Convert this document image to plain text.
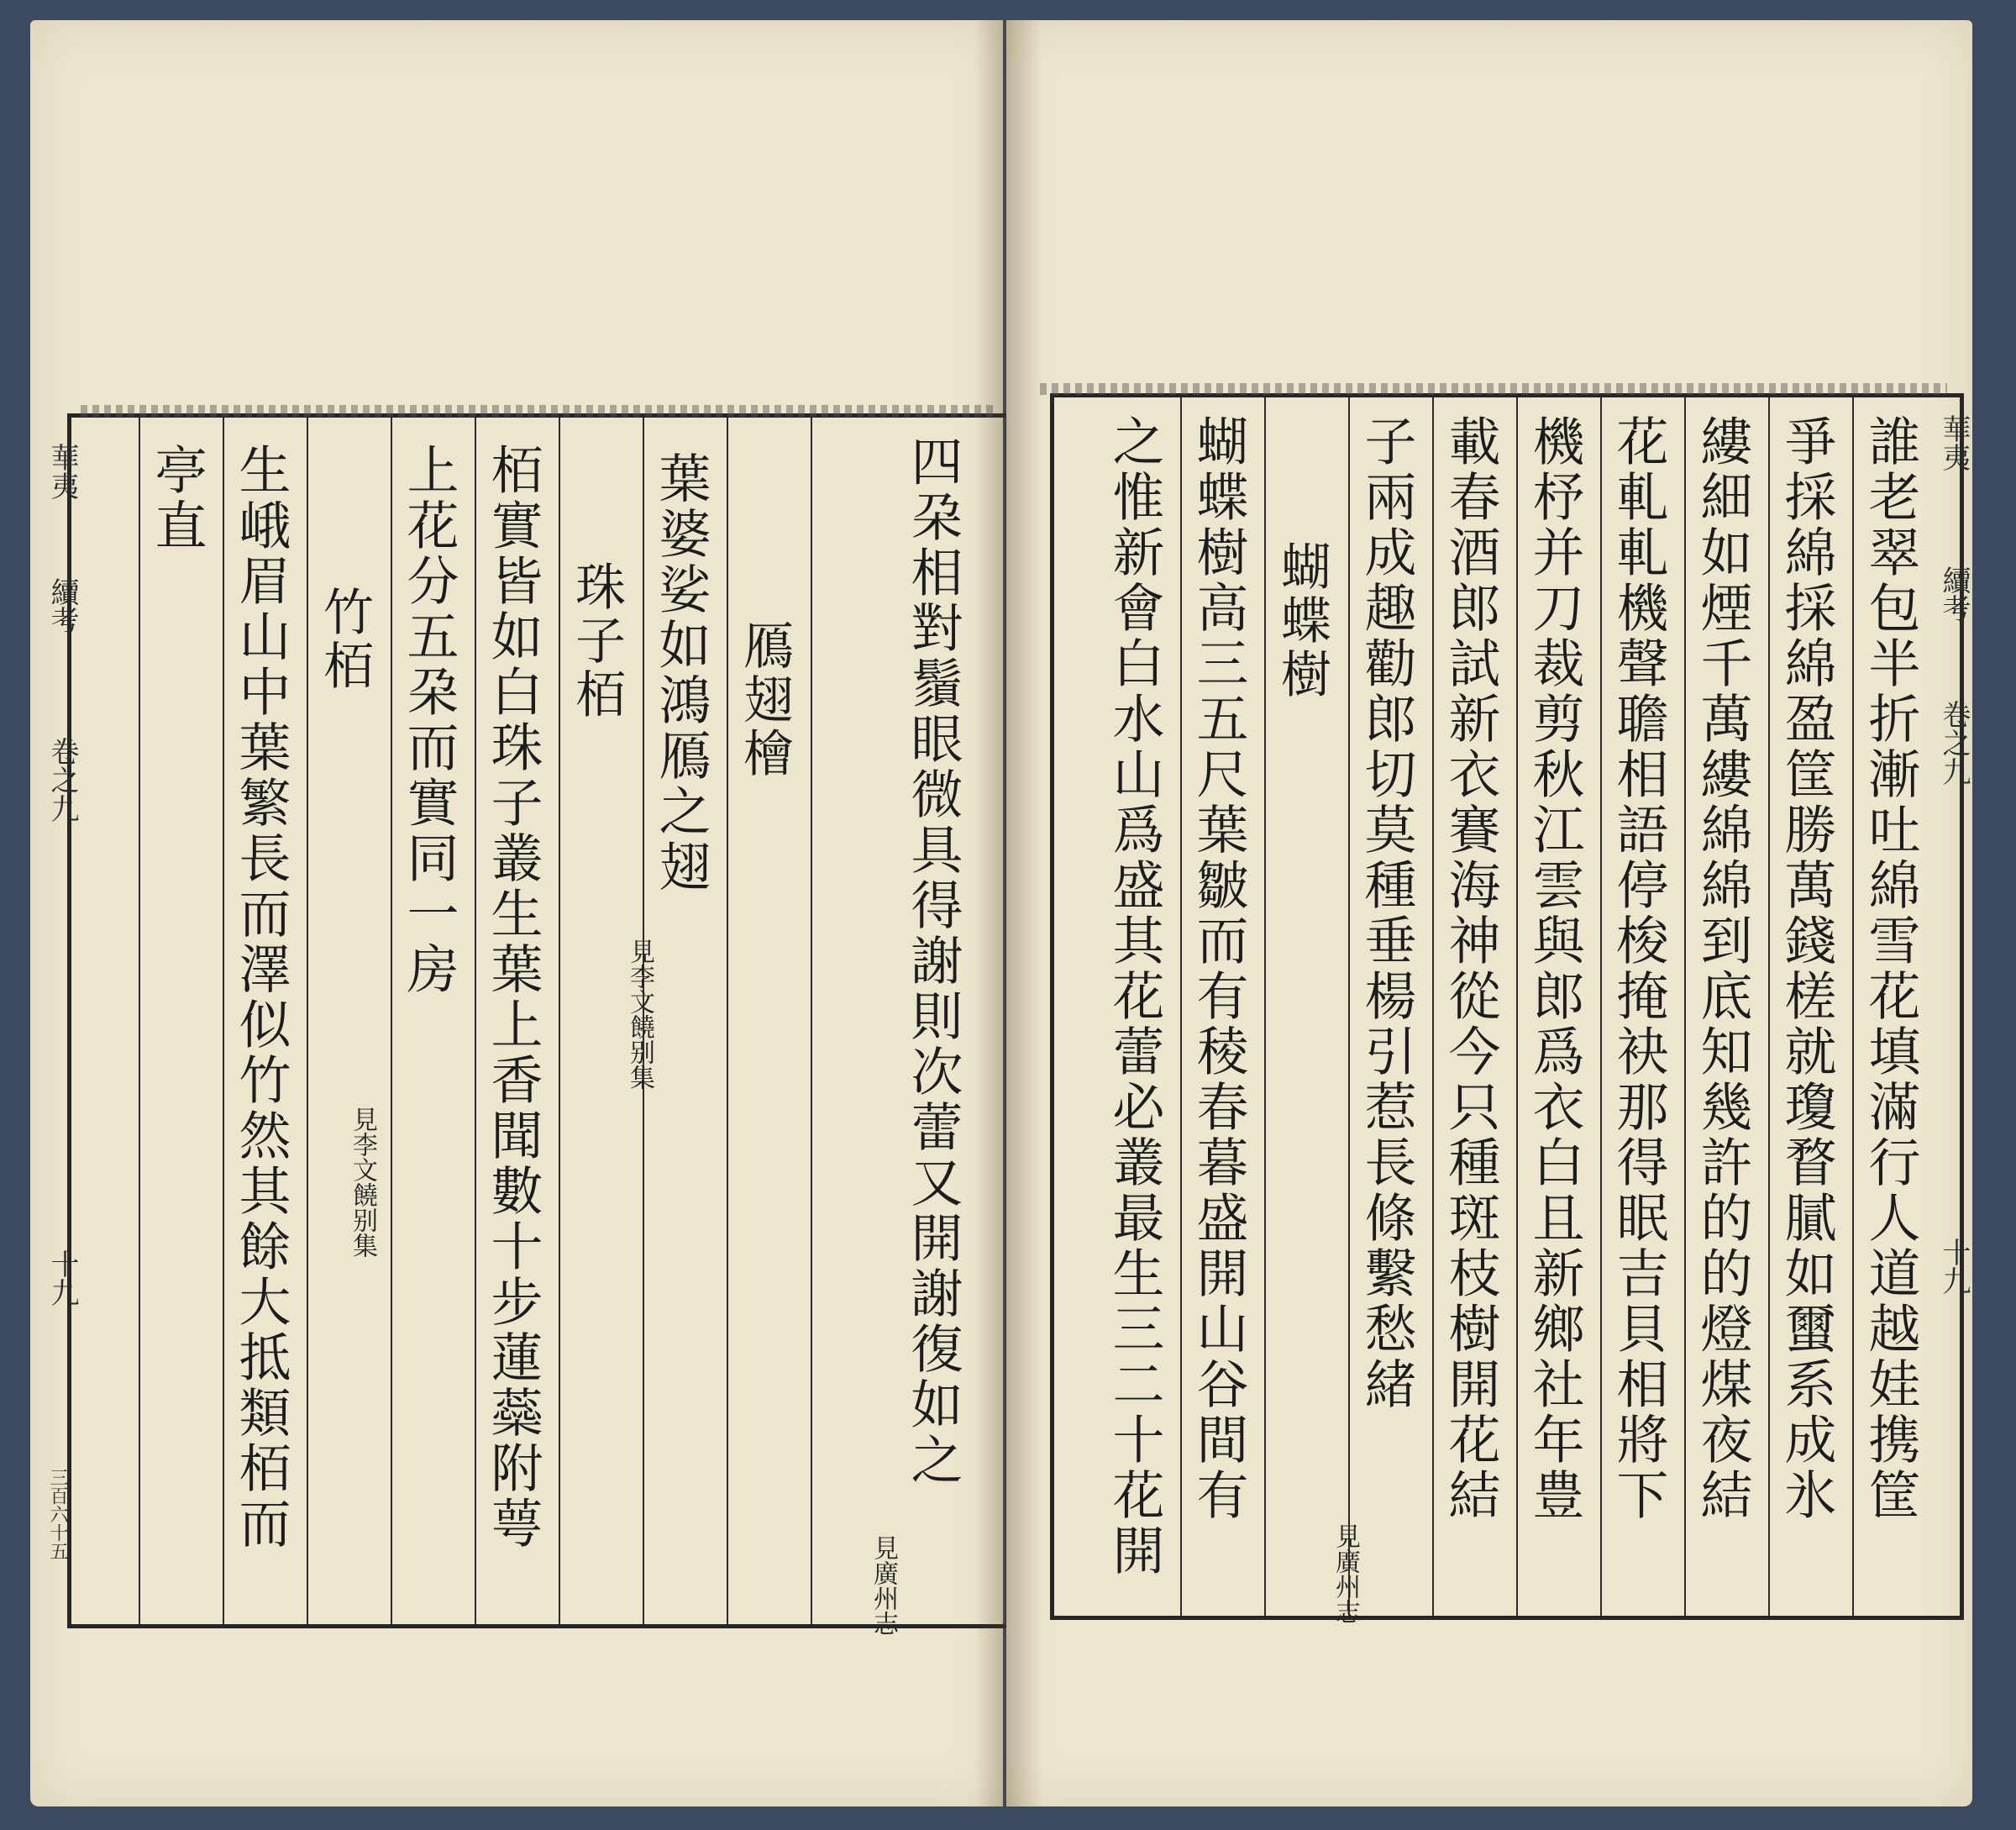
華夷
續考
卷之九
十九
三百六十五
四朶相對鬚眼微具得謝則次蕾又開謝復如之
見廣州志
鴈翅檜
葉婆娑如鴻鴈之翅
見李文饒别集
珠子栢
栢實皆如白珠子叢生葉上香聞數十步蓮蘂附萼
上花分五朶而實同一房
見李文饒别集
竹栢
生峨眉山中葉繁長而澤似竹然其餘大抵類栢而
亭直	華夷
續考
卷之九
十九
誰老翠包半折漸吐綿雪花填滿行人道越娃携筐
爭採綿採綿盈筐勝萬錢槎就瓊瞀膩如蠒系成氷
縷細如煙千萬縷綿綿到底知幾許的的燈煤夜結
花軋軋機聲聸相語停梭掩袂那得眠吉貝相將下
機杼并刀裁剪秋江雲與郎爲衣白且新鄉社年豊
載春酒郎試新衣賽海神從今只種斑枝樹開花結
子兩成趣勸郎切莫種垂楊引惹長條繫愁緒
見廣州志
蝴蝶樹
蝴蝶樹高三五尺葉皺而有稜春暮盛開山谷間有
之惟新會白水山爲盛其花蕾必叢最生三二十花開
